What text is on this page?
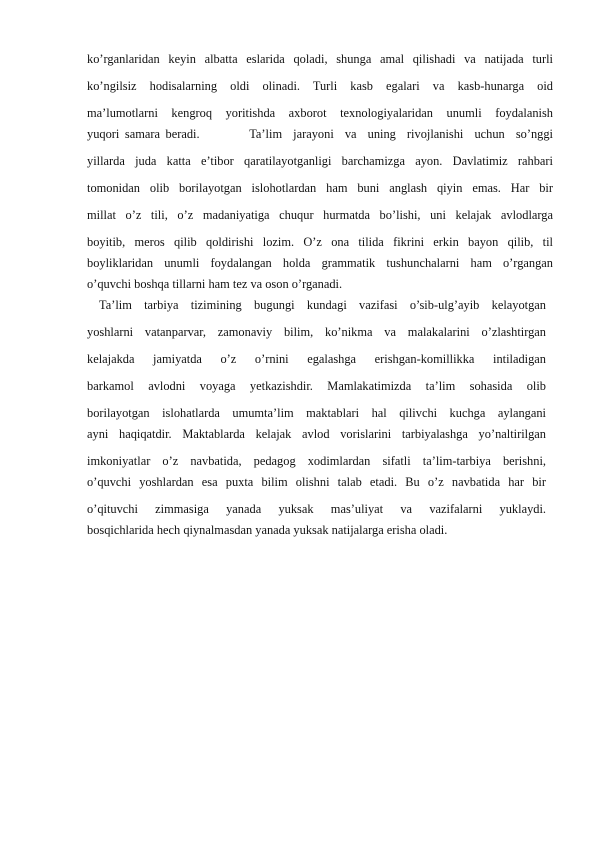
ko’rganlaridan keyin albatta eslarida qoladi, shunga amal qilishadi va natijada turli
ko’ngilsiz hodisalarning oldi olinadi. Turli kasb egalari va kasb-hunarga oid
ma’lumotlarni kengroq yoritishda axborot texnologiyalaridan unumli foydalanish
yuqori samara beradi.         Ta’lim  jarayoni  va  uning  rivojlanishi  uchun  so’nggi
yillarda juda katta e’tibor qaratilayotganligi barchamizga ayon. Davlatimiz rahbari
tomonidan olib borilayotgan islohotlardan ham buni anglash qiyin emas. Har bir
millat o’z tili, o’z madaniyatiga chuqur hurmatda bo’lishi, uni kelajak avlodlarga
boyitib, meros qilib qoldirishi lozim. O’z ona tilida fikrini erkin bayon qilib, til
boyliklaridan unumli foydalangan holda grammatik tushunchalarni ham o’rgangan
o’quvchi boshqa tillarni ham tez va oson o’rganadi.
Ta’lim tarbiya tizimining bugungi kundagi vazifasi o’sib-ulg’ayib kelayotgan
yoshlarni vatanparvar, zamonaviy bilim, ko’nikma va malakalarini o’zlashtirgan
kelajakda jamiyatda o’z o’rnini egalashga erishgan-komillikka intiladigan
barkamol avlodni voyaga yetkazishdir. Mamlakatimizda ta’lim sohasida olib
borilayotgan islohatlarda umumta’lim maktablari hal qilivchi kuchga aylangani
ayni haqiqatdir. Maktablarda kelajak avlod vorislarini tarbiyalashga yo’naltirilgan
imkoniyatlar o’z navbatida, pedagog xodimlardan sifatli ta’lim-tarbiya berishni,
o’quvchi yoshlardan esa puxta bilim olishni talab etadi. Bu o’z navbatida har bir
o’qituvchi zimmasiga yanada yuksak mas’uliyat va vazifalarni yuklaydi.
bosqichlarida hech qiynalmasdan yanada yuksak natijalarga erisha oladi.
